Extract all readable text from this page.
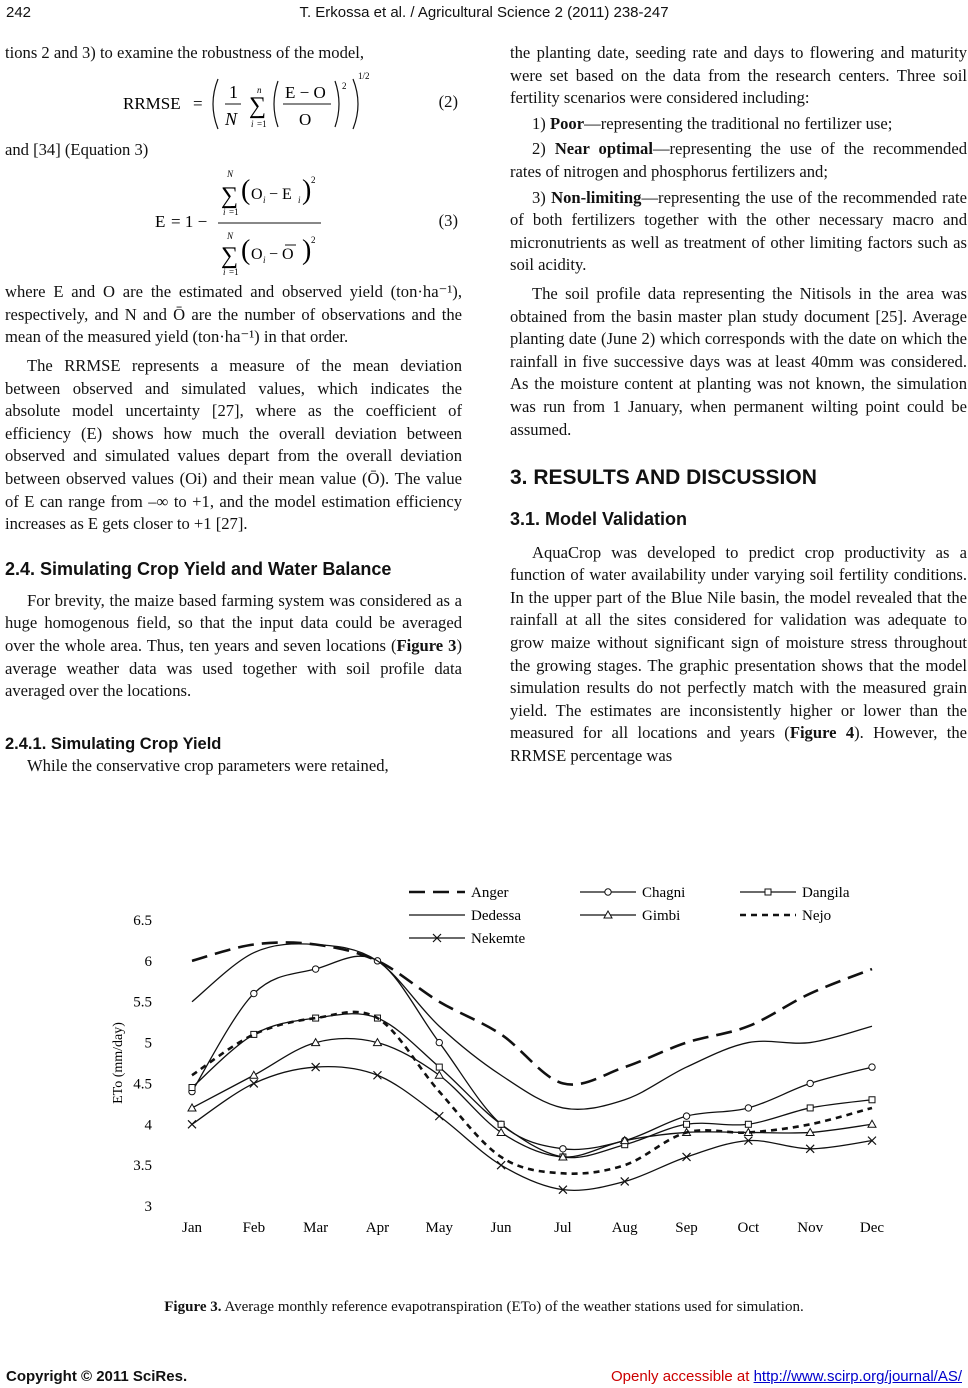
242	T. Erkossa et al. / Agricultural Science 2 (2011) 238-247

tions 2 and 3) to examine the robustness of the model,

RRMSE =
1
N
n
∑
i =1
E − O
O
2
1/2
(2)

and [34] (Equation 3)

E = 1 −
N
∑
i =1
( O i − E i ) 2
N
∑
i =1
( O i − O ) 2
(3)

where E and O are the estimated and observed yield (ton·ha⁻¹), respectively, and N and Ō are the number of observations and the mean of the measured yield (ton·ha⁻¹) in that order.

The RRMSE represents a measure of the mean deviation between observed and simulated values, which indicates the absolute model uncertainty [27], where as the coefficient of efficiency (E) shows how much the overall deviation between observed and simulated values depart from the overall deviation between observed values (Oi) and their mean value (Ō). The value of E can range from –∞ to +1, and the model estimation efficiency increases as E gets closer to +1 [27].

2.4. Simulating Crop Yield and Water Balance

For brevity, the maize based farming system was considered as a huge homogenous field, so that the input data could be averaged over the whole area. Thus, ten years and seven locations (Figure 3) average weather data was used together with soil profile data averaged over the locations.

2.4.1. Simulating Crop Yield

While the conservative crop parameters were retained,

the planting date, seeding rate and days to flowering and maturity were set based on the data from the research centers. Three soil fertility scenarios were considered including:

1) Poor—representing the traditional no fertilizer use;

2) Near optimal—representing the use of the recommended rates of nitrogen and phosphorus fertilizers and;

3) Non-limiting—representing the use of the recommended rate of both fertilizers together with the other necessary macro and micronutrients as well as treatment of other limiting factors such as soil acidity.

The soil profile data representing the Nitisols in the area was obtained from the basin master plan study document [25]. Average planting date (June 2) which corresponds with the date on which the rainfall in five successive days was at least 40mm was considered. As the moisture content at planting was not known, the simulation was run from 1 January, when permanent wilting point could be assumed.

3. RESULTS AND DISCUSSION
3.1. Model Validation

AquaCrop was developed to predict crop productivity as a function of water availability under varying soil fertility conditions. In the upper part of the Blue Nile basin, the model revealed that the rainfall at all the sites considered for validation was adequate to grow maize without significant sign of moisture stress throughout the growing stages. The graphic presentation shows that the model simulation results do not perfectly match with the measured grain yield. The estimates are inconsistently higher or lower than the measured for all locations and years (Figure 4). However, the RRMSE percentage was

6.5
6
5.5
5
4.5
4
3.5
3
ETo (mm/day)
Jan	Feb	Mar	Apr May	Jun	Jul	Aug	Sep	Oct	Nov Dec
Anger	Chagni	Dangila
Dedessa	Gimbi	Nejo
Nekemte
Figure 3. Average monthly reference evapotranspiration (ETo) of the weather stations used for simulation.
Copyright © 2011 SciRes.	Openly accessible at http://www.scirp.org/journal/AS/
